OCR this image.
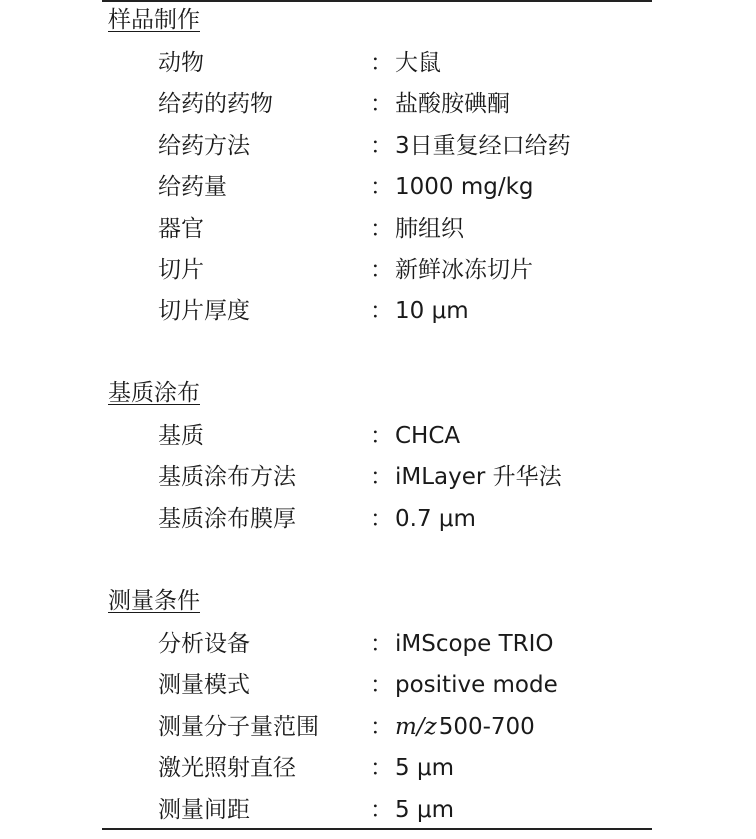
样品制作
动物	： 大鼠
给药的药物	： 盐酸胺碘酮
给药方法	： 3日重复经口给药
给药量	： 1000 mg/kg
器官	： 肺组织
切片	： 新鲜冰冻切片
切片厚度	： 10 μm
基质涂布
基质	： CHCA
基质涂布方法	： iMLayer 升华法
基质涂布膜厚	： 0.7 μm
测量条件
分析设备	： iMScope TRIO
测量模式	： positive mode
测量分子量范围 ： m/z500-700
激光照射直径	： 5 μm
测量间距	： 5 μm
